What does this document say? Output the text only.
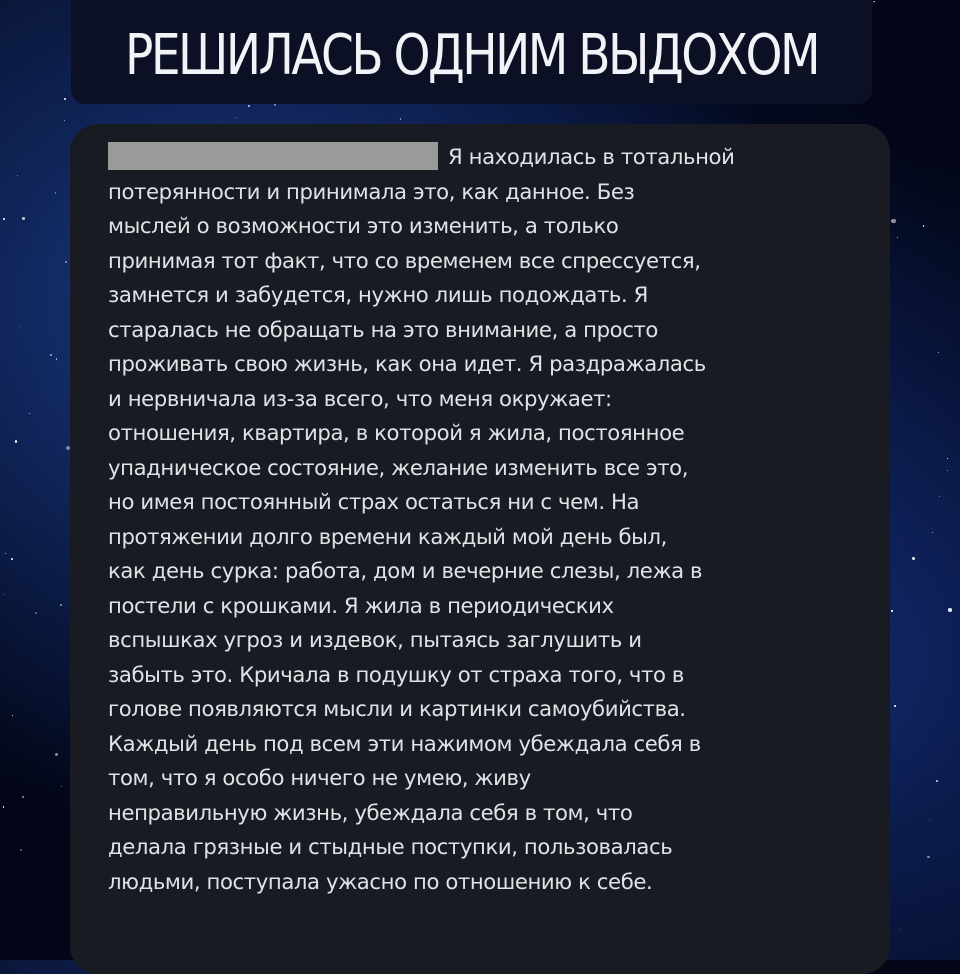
РЕШИЛАСЬ ОДНИМ ВЫДОХОМ

Я находилась в тотальной
потерянности и принимала это, как данное. Без
мыслей о возможности это изменить, а только
принимая тот факт, что со временем все спрессуется,
замнется и забудется, нужно лишь подождать. Я
старалась не обращать на это внимание, а просто
проживать свою жизнь, как она идет. Я раздражалась
и нервничала из-за всего, что меня окружает:
отношения, квартира, в которой я жила, постоянное
упадническое состояние, желание изменить все это,
но имея постоянный страх остаться ни с чем. На
протяжении долго времени каждый мой день был,
как день сурка: работа, дом и вечерние слезы, лежа в
постели с крошками. Я жила в периодических
вспышках угроз и издевок, пытаясь заглушить и
забыть это. Кричала в подушку от страха того, что в
голове появляются мысли и картинки самоубийства.
Каждый день под всем эти нажимом убеждала себя в
том, что я особо ничего не умею, живу
неправильную жизнь, убеждала себя в том, что
делала грязные и стыдные поступки, пользовалась
людьми, поступала ужасно по отношению к себе.
